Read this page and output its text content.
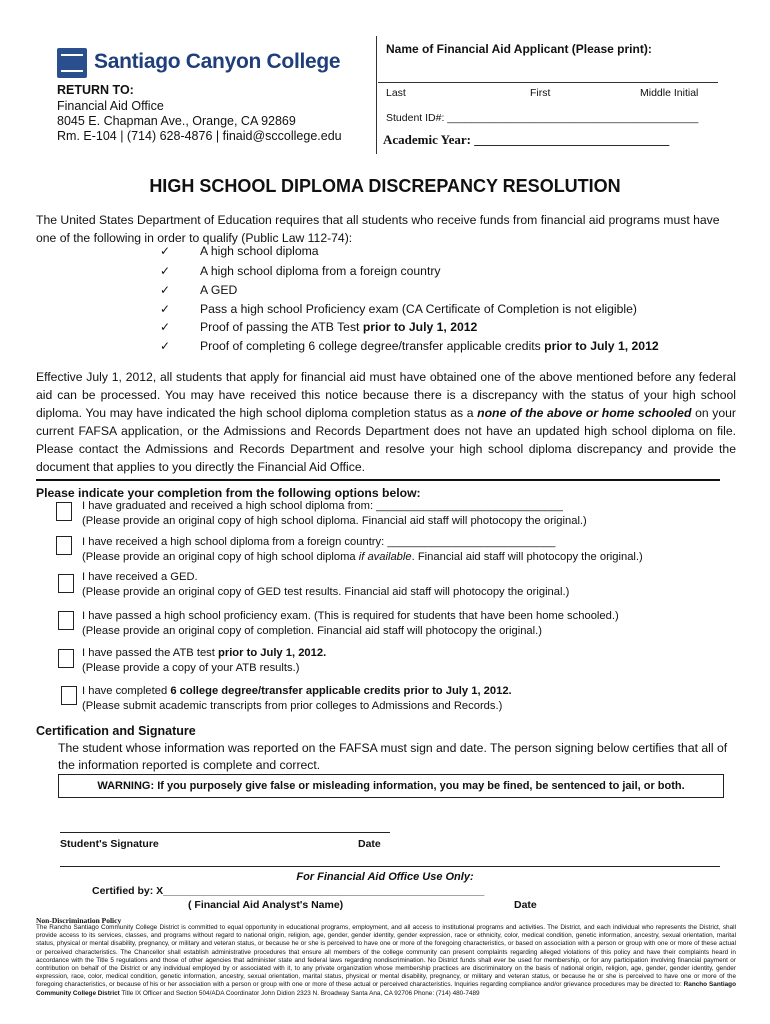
Santiago Canyon College
RETURN TO:
Financial Aid Office
8045 E. Chapman Ave., Orange, CA 92869
Rm. E-104 | (714) 628-4876 | finaid@sccollege.edu
Name of Financial Aid Applicant (Please print):
Last	First	Middle Initial
Student ID#: ___________________________________________
Academic Year: ______________________________
HIGH SCHOOL DIPLOMA DISCREPANCY RESOLUTION
The United States Department of Education requires that all students who receive funds from financial aid programs must have one of the following in order to qualify (Public Law 112-74):
✓ A high school diploma
✓ A high school diploma from a foreign country
✓ A GED
✓ Pass a high school Proficiency exam (CA Certificate of Completion is not eligible)
✓ Proof of passing the ATB Test prior to July 1, 2012
✓ Proof of completing 6 college degree/transfer applicable credits prior to July 1, 2012
Effective July 1, 2012, all students that apply for financial aid must have obtained one of the above mentioned before any federal aid can be processed. You may have received this notice because there is a discrepancy with the status of your high school diploma. You may have indicated the high school diploma completion status as a none of the above or home schooled on your current FAFSA application, or the Admissions and Records Department does not have an updated high school diploma on file. Please contact the Admissions and Records Department and resolve your high school diploma discrepancy and provide the document that applies to you directly the Financial Aid Office.
Please indicate your completion from the following options below:
I have graduated and received a high school diploma from: ______________________________
(Please provide an original copy of high school diploma. Financial aid staff will photocopy the original.)
I have received a high school diploma from a foreign country: ___________________________
(Please provide an original copy of high school diploma if available. Financial aid staff will photocopy the original.)
I have received a GED.
(Please provide an original copy of GED test results. Financial aid staff will photocopy the original.)
I have passed a high school proficiency exam. (This is required for students that have been home schooled.)
(Please provide an original copy of completion. Financial aid staff will photocopy the original.)
I have passed the ATB test prior to July 1, 2012.
(Please provide a copy of your ATB results.)
I have completed 6 college degree/transfer applicable credits prior to July 1, 2012.
(Please submit academic transcripts from prior colleges to Admissions and Records.)
Certification and Signature
The student whose information was reported on the FAFSA must sign and date. The person signing below certifies that all of the information reported is complete and correct.
WARNING: If you purposely give false or misleading information, you may be fined, be sentenced to jail, or both.
Student's Signature	Date
For Financial Aid Office Use Only:
Certified by: X_______________________________________________________
( Financial Aid Analyst's Name)	Date
Non-Discrimination Policy
The Rancho Santiago Community College District is committed to equal opportunity in educational programs, employment, and all access to institutional programs and activities. The District, and each individual who represents the District, shall provide access to its services, classes, and programs without regard to national origin, religion, age, gender, gender identity, gender expression, race or ethnicity, color, medical condition, genetic information, ancestry, sexual orientation, marital status, physical or mental disability, pregnancy, or military and veteran status, or because he or she is perceived to have one or more of the foregoing characteristics, or based on association with a person or group with one or more of these actual or perceived characteristics. The Chancellor shall establish administrative procedures that ensure all members of the college community can present complaints regarding alleged violations of this policy and have their complaints heard in accordance with the Title 5 regulations and those of other agencies that administer state and federal laws regarding nondiscrimination. No District funds shall ever be used for membership, or for any participation involving financial payment or contribution on behalf of the District or any individual employed by or associated with it, to any private organization whose membership practices are discriminatory on the basis of national origin, religion, age, gender, gender identity, gender expression, race, color, medical condition, genetic information, ancestry, sexual orientation, marital status, physical or mental disability, pregnancy, or military and veteran status, or because he or she is perceived to have one or more of the foregoing characteristics, or because of his or her association with a person or group with one or more of these actual or perceived characteristics. Inquiries regarding compliance and/or grievance procedures may be directed to: Rancho Santiago Community College District Title IX Officer and Section 504/ADA Coordinator John Didion 2323 N. Broadway Santa Ana, CA 92706 Phone: (714) 480-7489
